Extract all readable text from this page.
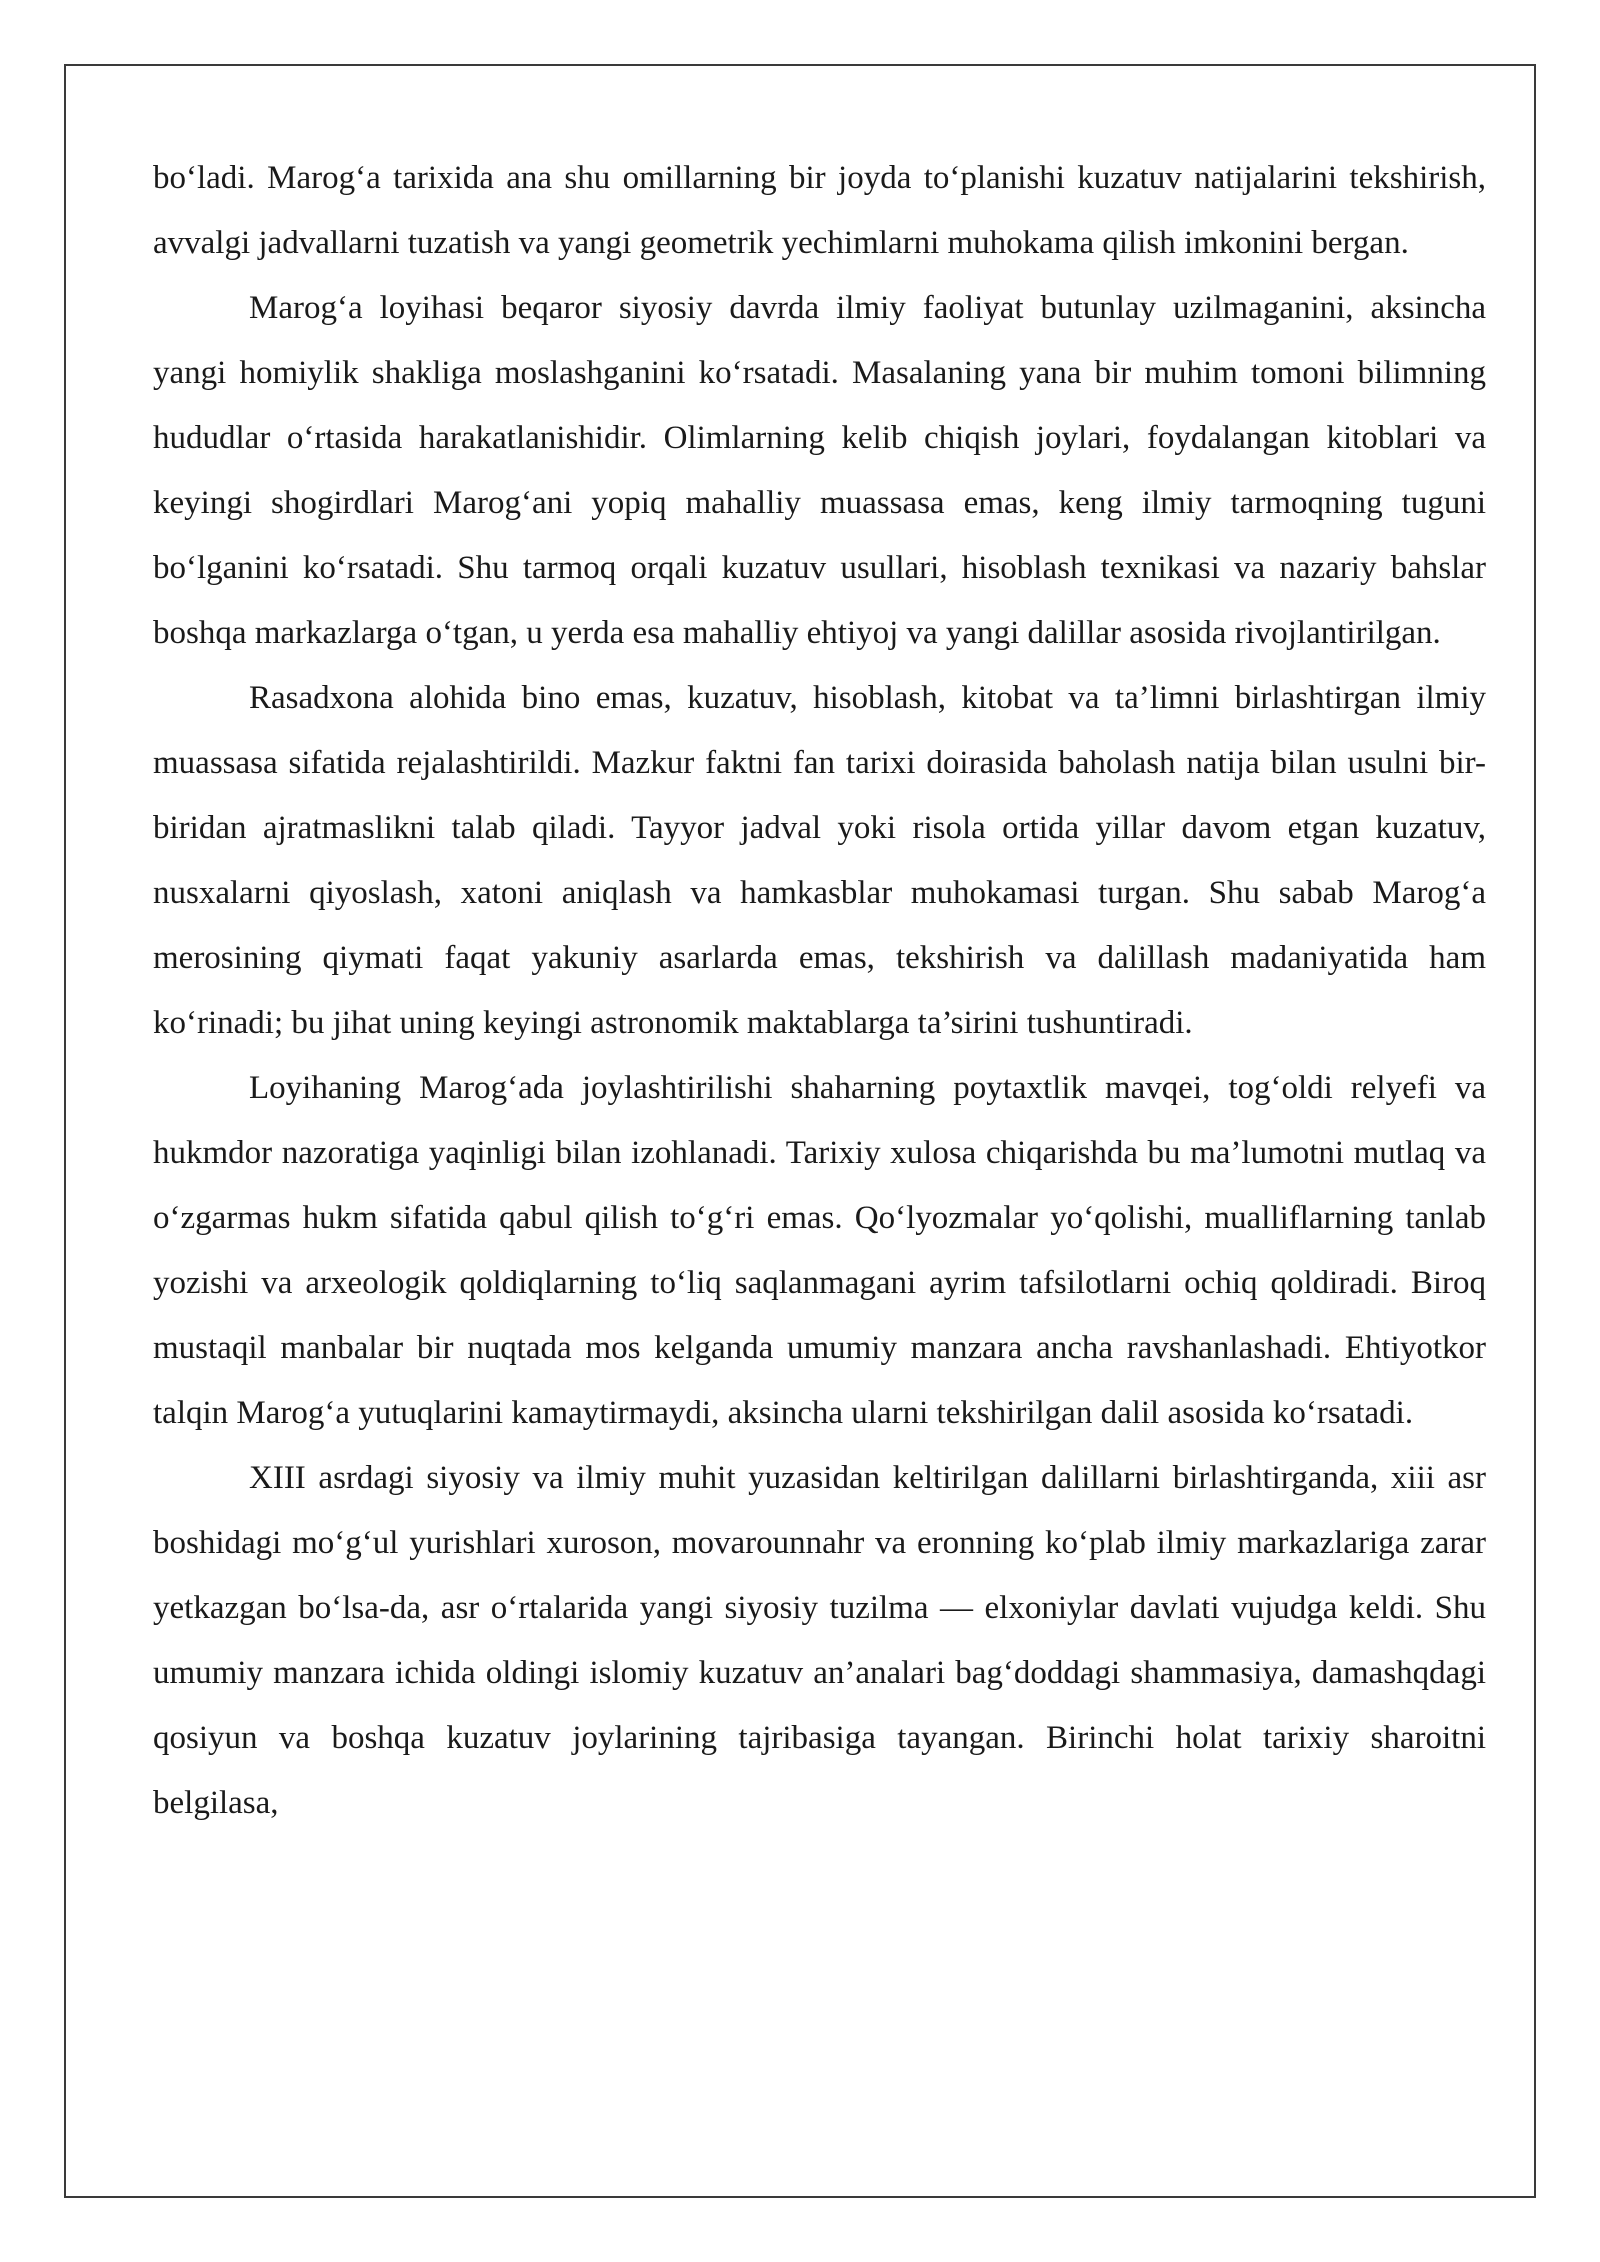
bo‘ladi. Marog‘a tarixida ana shu omillarning bir joyda to‘planishi kuzatuv natijalarini tekshirish, avvalgi jadvallarni tuzatish va yangi geometrik yechimlarni muhokama qilish imkonini bergan.

Marog‘a loyihasi beqaror siyosiy davrda ilmiy faoliyat butunlay uzilmaganini, aksincha yangi homiylik shakliga moslashganini ko‘rsatadi. Masalaning yana bir muhim tomoni bilimning hududlar o‘rtasida harakatlanishidir. Olimlarning kelib chiqish joylari, foydalangan kitoblari va keyingi shogirdlari Marog‘ani yopiq mahalliy muassasa emas, keng ilmiy tarmoqning tuguni bo‘lganini ko‘rsatadi. Shu tarmoq orqali kuzatuv usullari, hisoblash texnikasi va nazariy bahslar boshqa markazlarga o‘tgan, u yerda esa mahalliy ehtiyoj va yangi dalillar asosida rivojlantirilgan.

Rasadxona alohida bino emas, kuzatuv, hisoblash, kitobat va ta’limni birlashtirgan ilmiy muassasa sifatida rejalashtirildi. Mazkur faktni fan tarixi doirasida baholash natija bilan usulni bir-biridan ajratmaslikni talab qiladi. Tayyor jadval yoki risola ortida yillar davom etgan kuzatuv, nusxalarni qiyoslash, xatoni aniqlash va hamkasblar muhokamasi turgan. Shu sabab Marog‘a merosining qiymati faqat yakuniy asarlarda emas, tekshirish va dalillash madaniyatida ham ko‘rinadi; bu jihat uning keyingi astronomik maktablarga ta’sirini tushuntiradi.

Loyihaning Marog‘ada joylashtirilishi shaharning poytaxtlik mavqei, tog‘oldi relyefi va hukmdor nazoratiga yaqinligi bilan izohlanadi. Tarixiy xulosa chiqarishda bu ma’lumotni mutlaq va o‘zgarmas hukm sifatida qabul qilish to‘g‘ri emas. Qo‘lyozmalar yo‘qolishi, mualliflarning tanlab yozishi va arxeologik qoldiqlarning to‘liq saqlanmagani ayrim tafsilotlarni ochiq qoldiradi. Biroq mustaqil manbalar bir nuqtada mos kelganda umumiy manzara ancha ravshanlashadi. Ehtiyotkor talqin Marog‘a yutuqlarini kamaytirmaydi, aksincha ularni tekshirilgan dalil asosida ko‘rsatadi.

XIII asrdagi siyosiy va ilmiy muhit yuzasidan keltirilgan dalillarni birlashtirganda, xiii asr boshidagi mo‘g‘ul yurishlari xuroson, movarounnahr va eronning ko‘plab ilmiy markazlariga zarar yetkazgan bo‘lsa-da, asr o‘rtalarida yangi siyosiy tuzilma — elxoniylar davlati vujudga keldi. Shu umumiy manzara ichida oldingi islomiy kuzatuv an’analari bag‘doddagi shammasiya, damashqdagi qosiyun va boshqa kuzatuv joylarining tajribasiga tayangan. Birinchi holat tarixiy sharoitni belgilasa,
